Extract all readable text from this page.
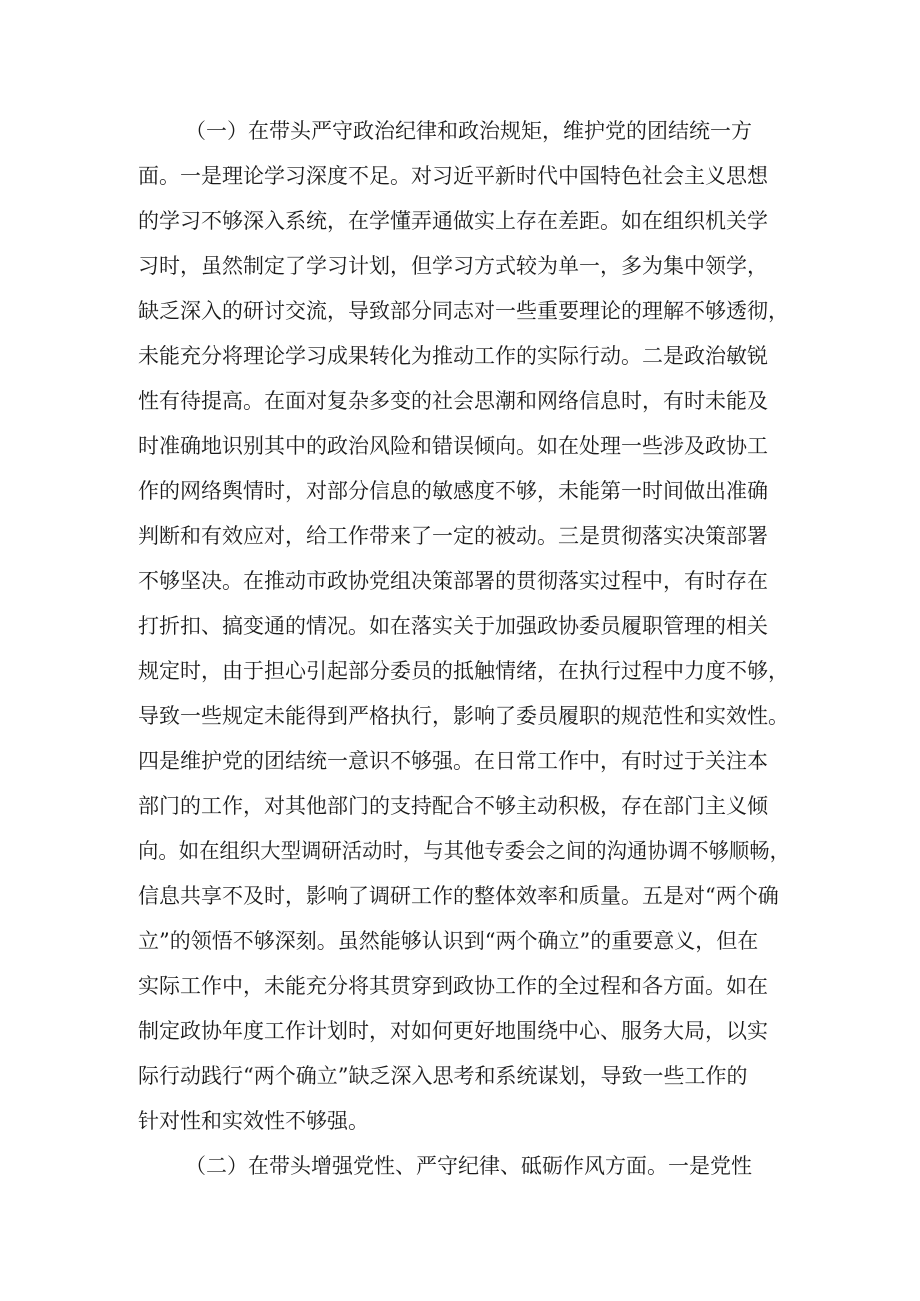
（一）在带头严守政治纪律和政治规矩，维护党的团结统一方
面。一是理论学习深度不足。对习近平新时代中国特色社会主义思想
的学习不够深入系统，在学懂弄通做实上存在差距。如在组织机关学
习时，虽然制定了学习计划，但学习方式较为单一，多为集中领学，
缺乏深入的研讨交流，导致部分同志对一些重要理论的理解不够透彻，
未能充分将理论学习成果转化为推动工作的实际行动。二是政治敏锐
性有待提高。在面对复杂多变的社会思潮和网络信息时，有时未能及
时准确地识别其中的政治风险和错误倾向。如在处理一些涉及政协工
作的网络舆情时，对部分信息的敏感度不够，未能第一时间做出准确
判断和有效应对，给工作带来了一定的被动。三是贯彻落实决策部署
不够坚决。在推动市政协党组决策部署的贯彻落实过程中，有时存在
打折扣、搞变通的情况。如在落实关于加强政协委员履职管理的相关
规定时，由于担心引起部分委员的抵触情绪，在执行过程中力度不够，
导致一些规定未能得到严格执行，影响了委员履职的规范性和实效性。
四是维护党的团结统一意识不够强。在日常工作中，有时过于关注本
部门的工作，对其他部门的支持配合不够主动积极，存在部门主义倾
向。如在组织大型调研活动时，与其他专委会之间的沟通协调不够顺畅，
信息共享不及时，影响了调研工作的整体效率和质量。五是对“两个确
立”的领悟不够深刻。虽然能够认识到“两个确立”的重要意义，但在
实际工作中，未能充分将其贯穿到政协工作的全过程和各方面。如在
制定政协年度工作计划时，对如何更好地围绕中心、服务大局，以实
际行动践行“两个确立”缺乏深入思考和系统谋划，导致一些工作的
针对性和实效性不够强。
（二）在带头增强党性、严守纪律、砥砺作风方面。一是党性
